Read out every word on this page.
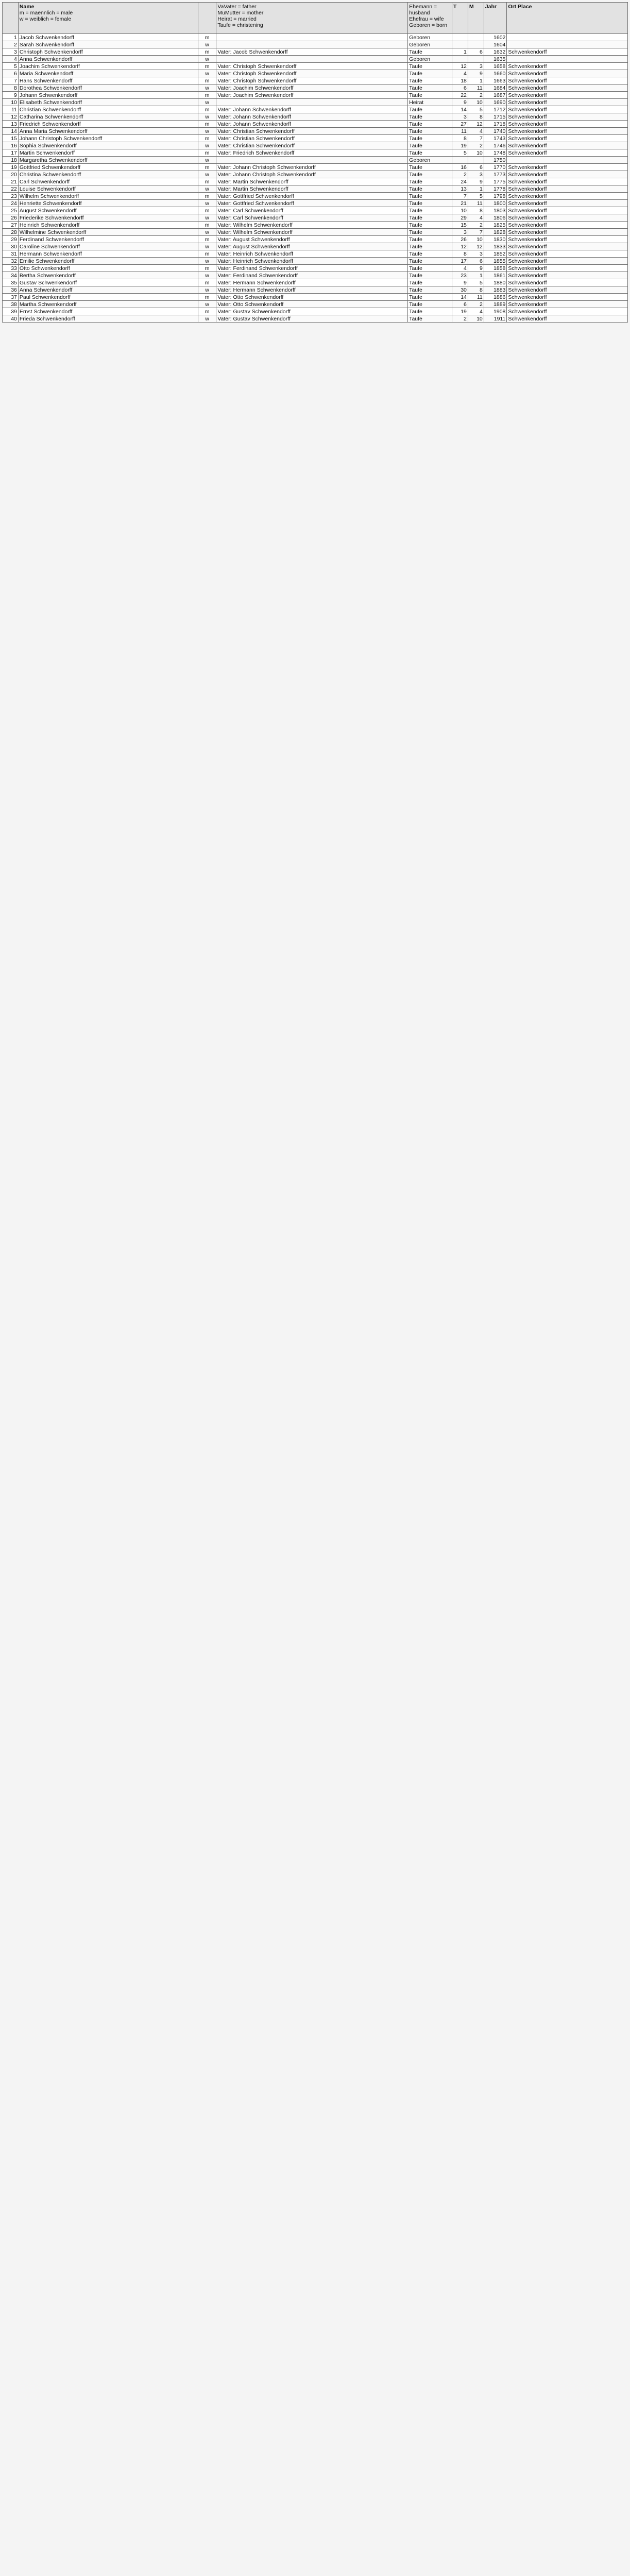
	Name
m = maennlich = male
w = weiblich = female		VaVater = father
MuMutter = mother
Heirat = married
Taufe = christening	Ehemann = husband
Ehefrau = wife
Geboren = born	T	M	Jahr	Ort Place
1	Jacob Schwenkendorff	m		Geboren			1602	
2	Sarah Schwenkendorff	w		Geboren			1604	
3	Christoph Schwenkendorff	m	Vater: Jacob Schwenkendorff	Taufe	1	6	1632	Schwenkendorff
4	Anna Schwenkendorff	w		Geboren			1635	
5	Joachim Schwenkendorff	m	Vater: Christoph Schwenkendorff	Taufe	12	3	1658	Schwenkendorff
6	Maria Schwenkendorff	w	Vater: Christoph Schwenkendorff	Taufe	4	9	1660	Schwenkendorff
7	Hans Schwenkendorff	m	Vater: Christoph Schwenkendorff	Taufe	18	1	1663	Schwenkendorff
8	Dorothea Schwenkendorff	w	Vater: Joachim Schwenkendorff	Taufe	6	11	1684	Schwenkendorff
9	Johann Schwenkendorff	m	Vater: Joachim Schwenkendorff	Taufe	22	2	1687	Schwenkendorff
10	Elisabeth Schwenkendorff	w		Heirat	9	10	1690	Schwenkendorff
11	Christian Schwenkendorff	m	Vater: Johann Schwenkendorff	Taufe	14	5	1712	Schwenkendorff
12	Catharina Schwenkendorff	w	Vater: Johann Schwenkendorff	Taufe	3	8	1715	Schwenkendorff
13	Friedrich Schwenkendorff	m	Vater: Johann Schwenkendorff	Taufe	27	12	1718	Schwenkendorff
14	Anna Maria Schwenkendorff	w	Vater: Christian Schwenkendorff	Taufe	11	4	1740	Schwenkendorff
15	Johann Christoph Schwenkendorff	m	Vater: Christian Schwenkendorff	Taufe	8	7	1743	Schwenkendorff
16	Sophia Schwenkendorff	w	Vater: Christian Schwenkendorff	Taufe	19	2	1746	Schwenkendorff
17	Martin Schwenkendorff	m	Vater: Friedrich Schwenkendorff	Taufe	5	10	1748	Schwenkendorff
18	Margaretha Schwenkendorff	w		Geboren			1750	
19	Gottfried Schwenkendorff	m	Vater: Johann Christoph Schwenkendorff	Taufe	16	6	1770	Schwenkendorff
20	Christina Schwenkendorff	w	Vater: Johann Christoph Schwenkendorff	Taufe	2	3	1773	Schwenkendorff
21	Carl Schwenkendorff	m	Vater: Martin Schwenkendorff	Taufe	24	9	1775	Schwenkendorff
22	Louise Schwenkendorff	w	Vater: Martin Schwenkendorff	Taufe	13	1	1778	Schwenkendorff
23	Wilhelm Schwenkendorff	m	Vater: Gottfried Schwenkendorff	Taufe	7	5	1798	Schwenkendorff
24	Henriette Schwenkendorff	w	Vater: Gottfried Schwenkendorff	Taufe	21	11	1800	Schwenkendorff
25	August Schwenkendorff	m	Vater: Carl Schwenkendorff	Taufe	10	8	1803	Schwenkendorff
26	Friederike Schwenkendorff	w	Vater: Carl Schwenkendorff	Taufe	29	4	1806	Schwenkendorff
27	Heinrich Schwenkendorff	m	Vater: Wilhelm Schwenkendorff	Taufe	15	2	1825	Schwenkendorff
28	Wilhelmine Schwenkendorff	w	Vater: Wilhelm Schwenkendorff	Taufe	3	7	1828	Schwenkendorff
29	Ferdinand Schwenkendorff	m	Vater: August Schwenkendorff	Taufe	26	10	1830	Schwenkendorff
30	Caroline Schwenkendorff	w	Vater: August Schwenkendorff	Taufe	12	12	1833	Schwenkendorff
31	Hermann Schwenkendorff	m	Vater: Heinrich Schwenkendorff	Taufe	8	3	1852	Schwenkendorff
32	Emilie Schwenkendorff	w	Vater: Heinrich Schwenkendorff	Taufe	17	6	1855	Schwenkendorff
33	Otto Schwenkendorff	m	Vater: Ferdinand Schwenkendorff	Taufe	4	9	1858	Schwenkendorff
34	Bertha Schwenkendorff	w	Vater: Ferdinand Schwenkendorff	Taufe	23	1	1861	Schwenkendorff
35	Gustav Schwenkendorff	m	Vater: Hermann Schwenkendorff	Taufe	9	5	1880	Schwenkendorff
36	Anna Schwenkendorff	w	Vater: Hermann Schwenkendorff	Taufe	30	8	1883	Schwenkendorff
37	Paul Schwenkendorff	m	Vater: Otto Schwenkendorff	Taufe	14	11	1886	Schwenkendorff
38	Martha Schwenkendorff	w	Vater: Otto Schwenkendorff	Taufe	6	2	1889	Schwenkendorff
39	Ernst Schwenkendorff	m	Vater: Gustav Schwenkendorff	Taufe	19	4	1908	Schwenkendorff
40	Frieda Schwenkendorff	w	Vater: Gustav Schwenkendorff	Taufe	2	10	1911	Schwenkendorff
